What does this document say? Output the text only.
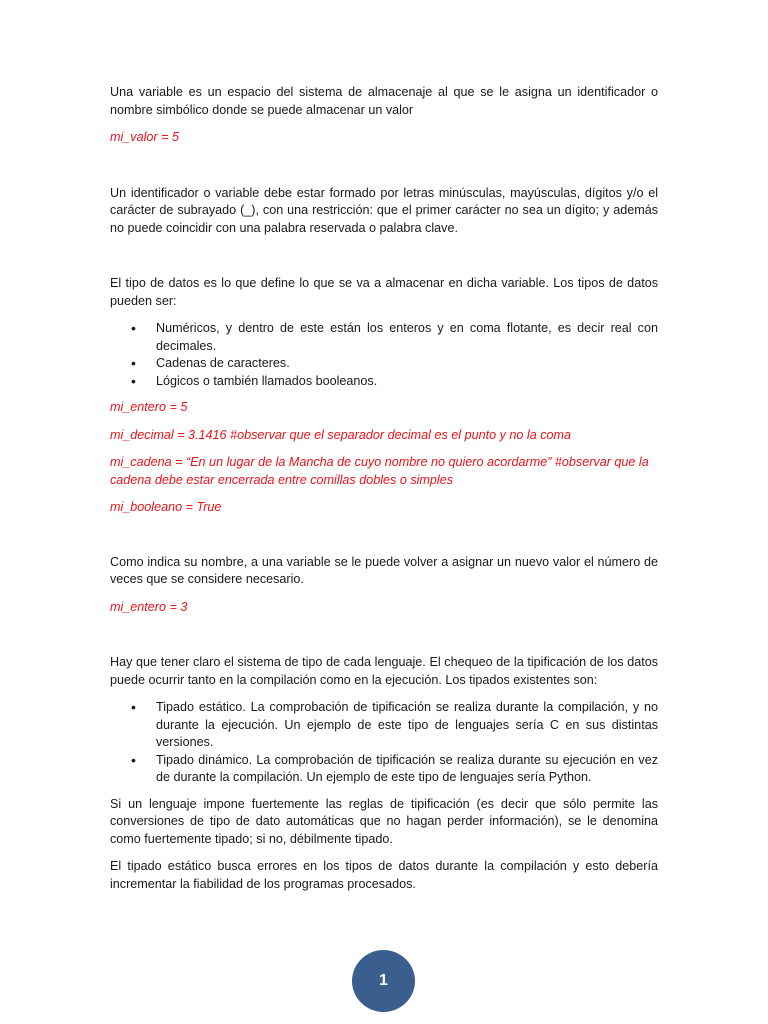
Una variable es un espacio del sistema de almacenaje al que se le asigna un identificador o nombre simbólico donde se puede almacenar un valor

mi_valor = 5

Un identificador o variable debe estar formado por letras minúsculas, mayúsculas, dígitos y/o el carácter de subrayado (_), con una restricción: que el primer carácter no sea un dígito; y además no puede coincidir con una palabra reservada o palabra clave.

El tipo de datos es lo que define lo que se va a almacenar en dicha variable. Los tipos de datos pueden ser:

• Numéricos, y dentro de este están los enteros y en coma flotante, es decir real con decimales.
• Cadenas de caracteres.
• Lógicos o también llamados booleanos.

mi_entero = 5

mi_decimal = 3.1416 #observar que el separador decimal es el punto y no la coma

mi_cadena = “En un lugar de la Mancha de cuyo nombre no quiero acordarme” #observar que la cadena debe estar encerrada entre comillas dobles o simples

mi_booleano = True

Como indica su nombre, a una variable se le puede volver a asignar un nuevo valor el número de veces que se considere necesario.

mi_entero = 3

Hay que tener claro el sistema de tipo de cada lenguaje. El chequeo de la tipificación de los datos puede ocurrir tanto en la compilación como en la ejecución. Los tipados existentes son:

• Tipado estático. La comprobación de tipificación se realiza durante la compilación, y no durante la ejecución. Un ejemplo de este tipo de lenguajes sería C en sus distintas versiones.
• Tipado dinámico. La comprobación de tipificación se realiza durante su ejecución en vez de durante la compilación. Un ejemplo de este tipo de lenguajes sería Python.

Si un lenguaje impone fuertemente las reglas de tipificación (es decir que sólo permite las conversiones de tipo de dato automáticas que no hagan perder información), se le denomina como fuertemente tipado; si no, débilmente tipado.

El tipado estático busca errores en los tipos de datos durante la compilación y esto debería incrementar la fiabilidad de los programas procesados.

1
